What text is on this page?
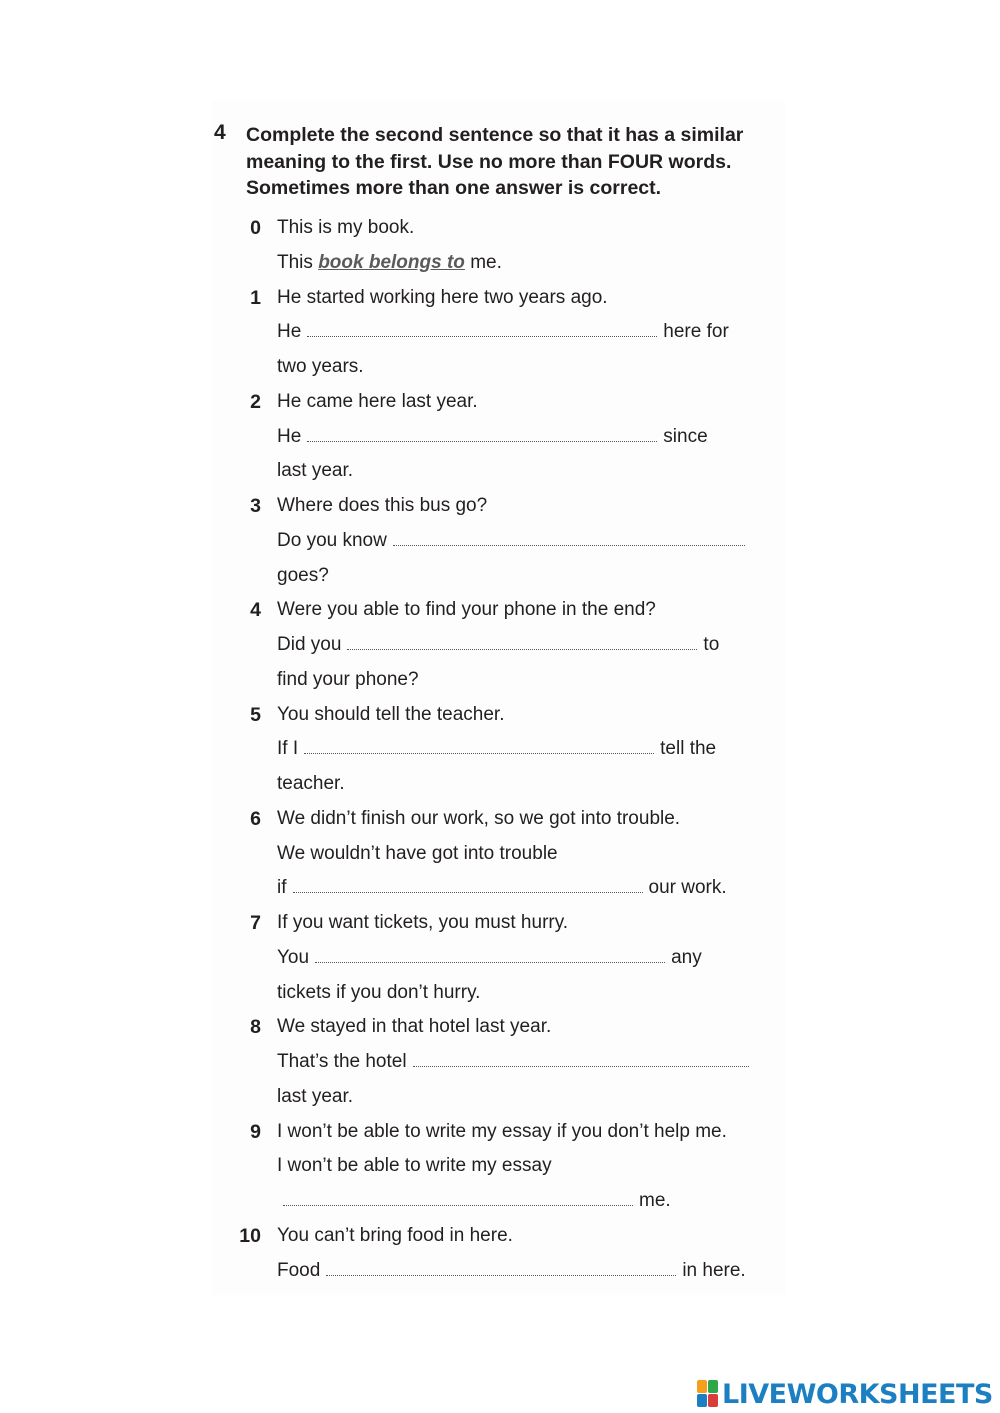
4 Complete the second sentence so that it has a similar meaning to the first. Use no more than FOUR words. Sometimes more than one answer is correct.

0 This is my book.
This book belongs to me.
1 He started working here two years ago.
He	here for
two years.
2 He came here last year.
He	since
last year.
3 Where does this bus go?
Do you know
goes?
4 Were you able to find your phone in the end?
Did you	to
find your phone?
5 You should tell the teacher.
If I	tell the
teacher.
6 We didn’t finish our work, so we got into trouble.
We wouldn’t have got into trouble
if	our work.
7 If you want tickets, you must hurry.
You	any
tickets if you don’t hurry.
8 We stayed in that hotel last year.
That’s the hotel
last year.
9 I won’t be able to write my essay if you don’t help me.
I won’t be able to write my essay
me.
10 You can’t bring food in here.
Food	in here.
LIVEWORKSHEETS
